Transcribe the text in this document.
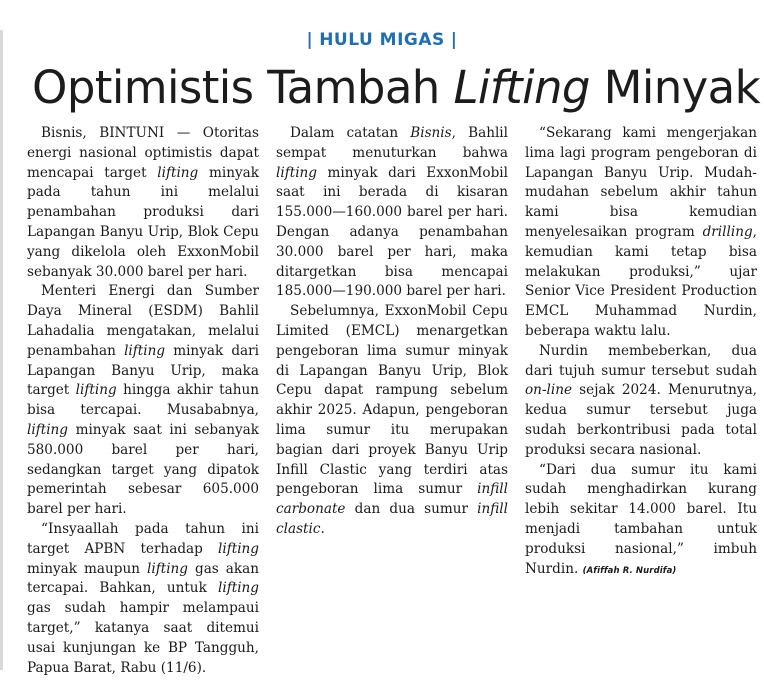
| HULU MIGAS |
Optimistis Tambah Lifting Minyak

Bisnis, BINTUNI — Otoritas energi nasional optimistis dapat mencapai target lifting minyak pada tahun ini melalui penambahan produksi dari Lapangan Banyu Urip, Blok Cepu yang dikelola oleh ExxonMobil sebanyak 30.000 barel per hari.

Menteri Energi dan Sumber Daya Mineral (ESDM) Bahlil Lahadalia mengatakan, melalui penambahan lifting minyak dari Lapangan Banyu Urip, maka target lifting hingga akhir tahun bisa tercapai. Musababnya, lifting minyak saat ini sebanyak 580.000 barel per hari, sedangkan target yang dipatok pemerintah sebesar 605.000 barel per hari.

“Insyaallah pada tahun ini target APBN terhadap lifting minyak maupun lifting gas akan tercapai. Bahkan, untuk lifting gas sudah hampir melampaui target,” katanya saat ditemui usai kunjungan ke BP Tangguh, Papua Barat, Rabu (11/6).

Dalam catatan Bisnis, Bahlil sempat menuturkan bahwa lifting minyak dari ExxonMobil saat ini berada di kisaran 155.000—160.000 barel per hari. Dengan adanya penambahan 30.000 barel per hari, maka ditargetkan bisa mencapai 185.000—190.000 barel per hari.

Sebelumnya, ExxonMobil Cepu Limited (EMCL) menargetkan pengeboran lima sumur minyak di Lapangan Banyu Urip, Blok Cepu dapat rampung sebelum akhir 2025. Adapun, pengeboran lima sumur itu merupakan bagian dari proyek Banyu Urip Infill Clastic yang terdiri atas pengeboran lima sumur infill carbonate dan dua sumur infill clastic.

“Sekarang kami mengerjakan lima lagi program pengeboran di Lapangan Banyu Urip. Mudah-mudahan sebelum akhir tahun kami bisa kemudian menyelesaikan program drilling, kemudian kami tetap bisa melakukan produksi,” ujar Senior Vice President Production EMCL Muhammad Nurdin, beberapa waktu lalu.

Nurdin membeberkan, dua dari tujuh sumur tersebut sudah on-line sejak 2024. Menurutnya, kedua sumur tersebut juga sudah berkontribusi pada total produksi secara nasional.

“Dari dua sumur itu kami sudah menghadirkan kurang lebih sekitar 14.000 barel. Itu menjadi tambahan untuk produksi nasional,” imbuh Nurdin. (Afiffah R. Nurdifa)
